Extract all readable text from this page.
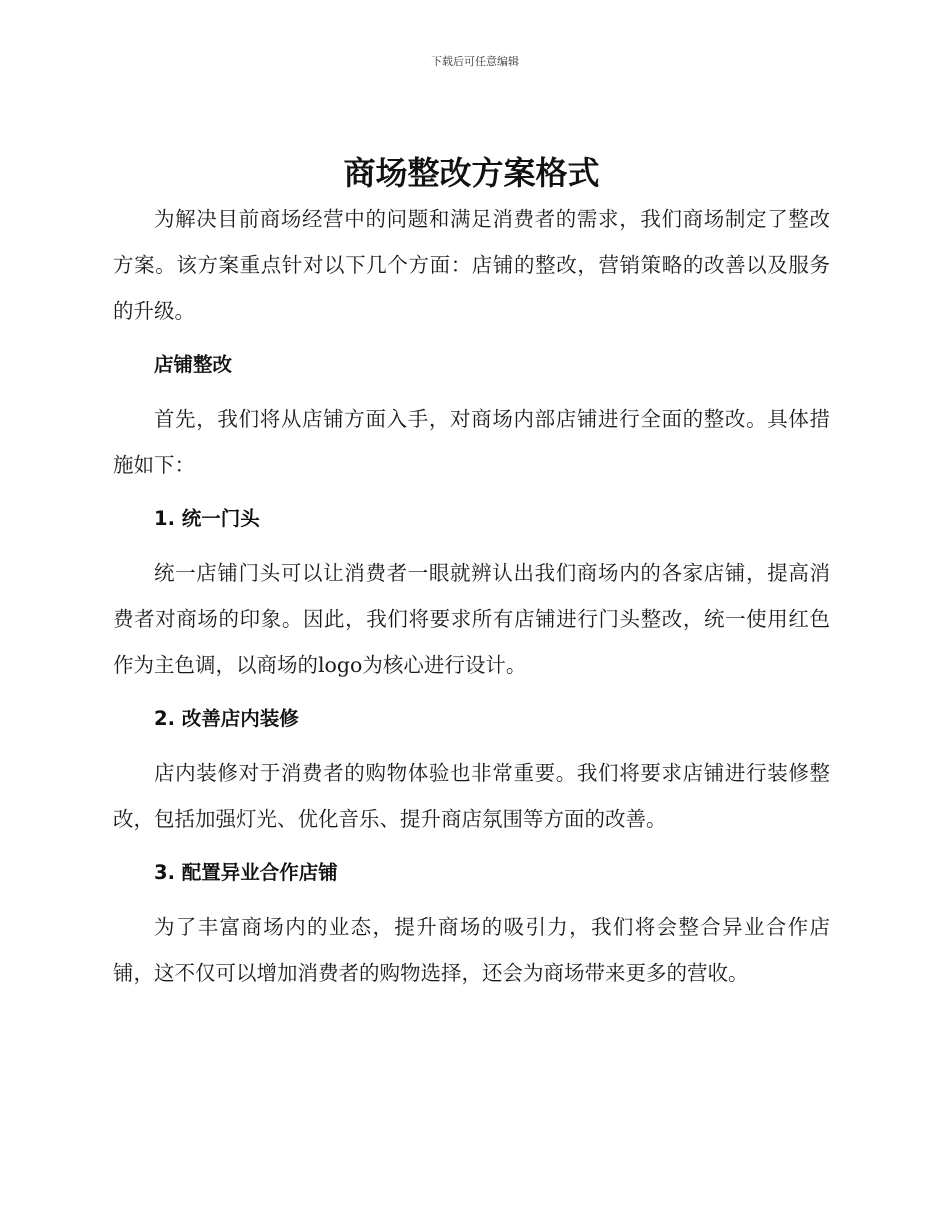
下载后可任意编辑
商场整改方案格式

为解决目前商场经营中的问题和满足消费者的需求，我们商场制定了整改方案。该方案重点针对以下几个方面：店铺的整改，营销策略的改善以及服务的升级。

店铺整改

首先，我们将从店铺方面入手，对商场内部店铺进行全面的整改。具体措施如下：

1. 统一门头

统一店铺门头可以让消费者一眼就辨认出我们商场内的各家店铺，提高消费者对商场的印象。因此，我们将要求所有店铺进行门头整改，统一使用红色作为主色调，以商场的logo为核心进行设计。

2. 改善店内装修

店内装修对于消费者的购物体验也非常重要。我们将要求店铺进行装修整改，包括加强灯光、优化音乐、提升商店氛围等方面的改善。

3. 配置异业合作店铺

为了丰富商场内的业态，提升商场的吸引力，我们将会整合异业合作店铺，这不仅可以增加消费者的购物选择，还会为商场带来更多的营收。
